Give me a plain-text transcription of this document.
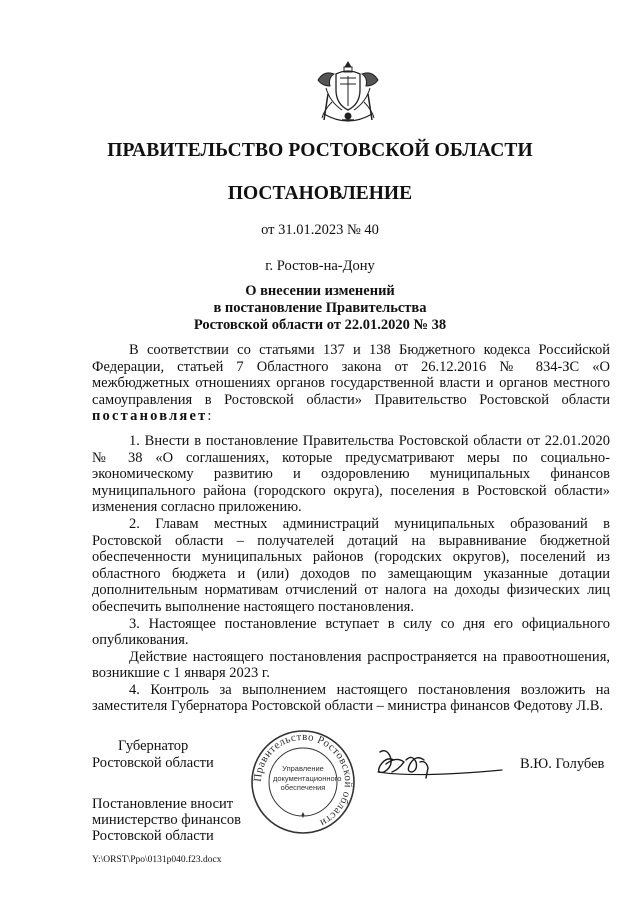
ПРАВИТЕЛЬСТВО РОСТОВСКОЙ ОБЛАСТИ
ПОСТАНОВЛЕНИЕ
от 31.01.2023 № 40
г. Ростов-на-Дону
О внесении изменений
в постановление Правительства
Ростовской области от 22.01.2020 № 38

В соответствии со статьями 137 и 138 Бюджетного кодекса Российской Федерации, статьей 7 Областного закона от 26.12.2016 № 834-ЗС «О межбюджетных отношениях органов государственной власти и органов местного самоуправления в Ростовской области» Правительство Ростовской области постановляет:

1. Внести в постановление Правительства Ростовской области от 22.01.2020 № 38 «О соглашениях, которые предусматривают меры по социально-экономическому развитию и оздоровлению муниципальных финансов муниципального района (городского округа), поселения в Ростовской области» изменения согласно приложению.

2. Главам местных администраций муниципальных образований в Ростовской области – получателей дотаций на выравнивание бюджетной обеспеченности муниципальных районов (городских округов), поселений из областного бюджета и (или) доходов по замещающим указанные дотации дополнительным нормативам отчислений от налога на доходы физических лиц обеспечить выполнение настоящего постановления.

3. Настоящее постановление вступает в силу со дня его официального опубликования.

Действие настоящего постановления распространяется на правоотношения, возникшие с 1 января 2023 г.

4. Контроль за выполнением настоящего постановления возложить на заместителя Губернатора Ростовской области – министра финансов Федотову Л.В.

Губернатор
Ростовской области
Правительство Ростовской области
Управление документационного обеспечения
В.Ю. Голубев
Постановление вносит
министерство финансов
Ростовской области
Y:\ORST\Ppo\0131p040.f23.docx
